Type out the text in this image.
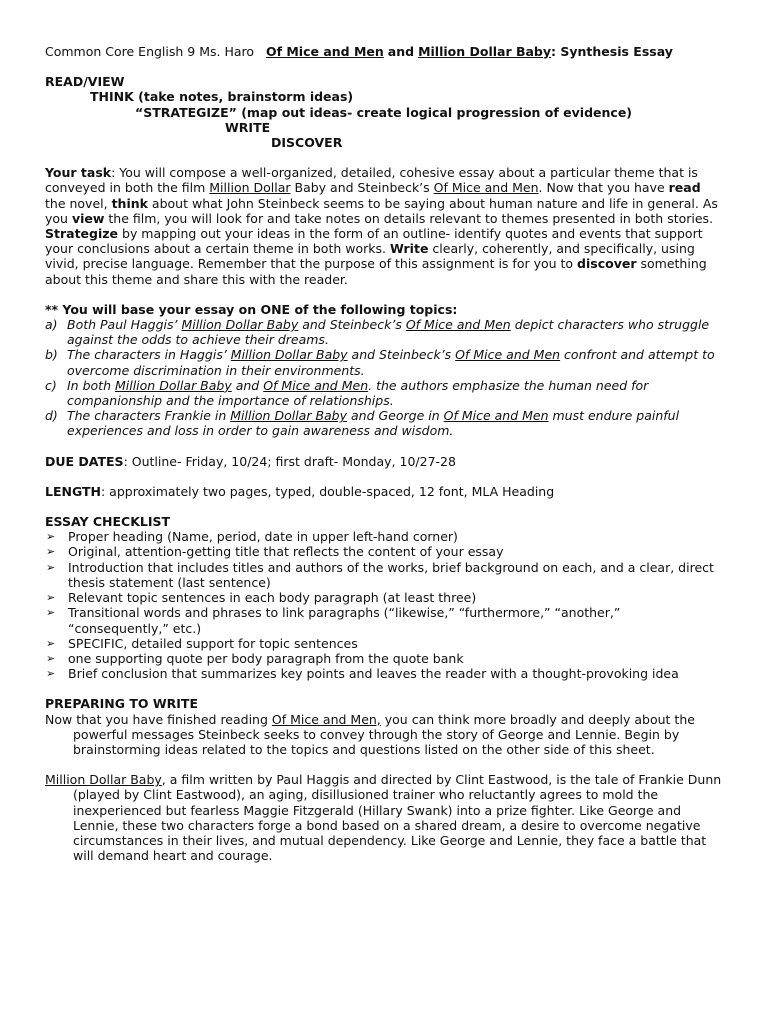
Common Core English 9 Ms. Haro Of Mice and Men and Million Dollar Baby: Synthesis Essay

READ/VIEW

THINK (take notes, brainstorm ideas)

“STRATEGIZE” (map out ideas- create logical progression of evidence)

WRITE

DISCOVER

Your task: You will compose a well-organized, detailed, cohesive essay about a particular theme that is conveyed in both the film Million Dollar Baby and Steinbeck’s Of Mice and Men. Now that you have read the novel, think about what John Steinbeck seems to be saying about human nature and life in general. As you view the film, you will look for and take notes on details relevant to themes presented in both stories. Strategize by mapping out your ideas in the form of an outline- identify quotes and events that support your conclusions about a certain theme in both works. Write clearly, coherently, and specifically, using vivid, precise language. Remember that the purpose of this assignment is for you to discover something about this theme and share this with the reader.

** You will base your essay on ONE of the following topics:

a) Both Paul Haggis’ Million Dollar Baby and Steinbeck’s Of Mice and Men depict characters who struggle against the odds to achieve their dreams.

b) The characters in Haggis’ Million Dollar Baby and Steinbeck’s Of Mice and Men confront and attempt to overcome discrimination in their environments.

c) In both Million Dollar Baby and Of Mice and Men. the authors emphasize the human need for companionship and the importance of relationships.

d) The characters Frankie in Million Dollar Baby and George in Of Mice and Men must endure painful experiences and loss in order to gain awareness and wisdom.

DUE DATES: Outline- Friday, 10/24; first draft- Monday, 10/27-28

LENGTH: approximately two pages, typed, double-spaced, 12 font, MLA Heading

ESSAY CHECKLIST

➢ Proper heading (Name, period, date in upper left-hand corner)

➢ Original, attention-getting title that reflects the content of your essay

➢ Introduction that includes titles and authors of the works, brief background on each, and a clear, direct thesis statement (last sentence)

➢ Relevant topic sentences in each body paragraph (at least three)

➢ Transitional words and phrases to link paragraphs (“likewise,” “furthermore,” “another,” “consequently,” etc.)

➢ SPECIFIC, detailed support for topic sentences

➢ one supporting quote per body paragraph from the quote bank

➢ Brief conclusion that summarizes key points and leaves the reader with a thought-provoking idea

PREPARING TO WRITE

Now that you have finished reading Of Mice and Men, you can think more broadly and deeply about the powerful messages Steinbeck seeks to convey through the story of George and Lennie. Begin by brainstorming ideas related to the topics and questions listed on the other side of this sheet.

Million Dollar Baby, a film written by Paul Haggis and directed by Clint Eastwood, is the tale of Frankie Dunn (played by Clint Eastwood), an aging, disillusioned trainer who reluctantly agrees to mold the inexperienced but fearless Maggie Fitzgerald (Hillary Swank) into a prize fighter. Like George and Lennie, these two characters forge a bond based on a shared dream, a desire to overcome negative circumstances in their lives, and mutual dependency. Like George and Lennie, they face a battle that will demand heart and courage.
